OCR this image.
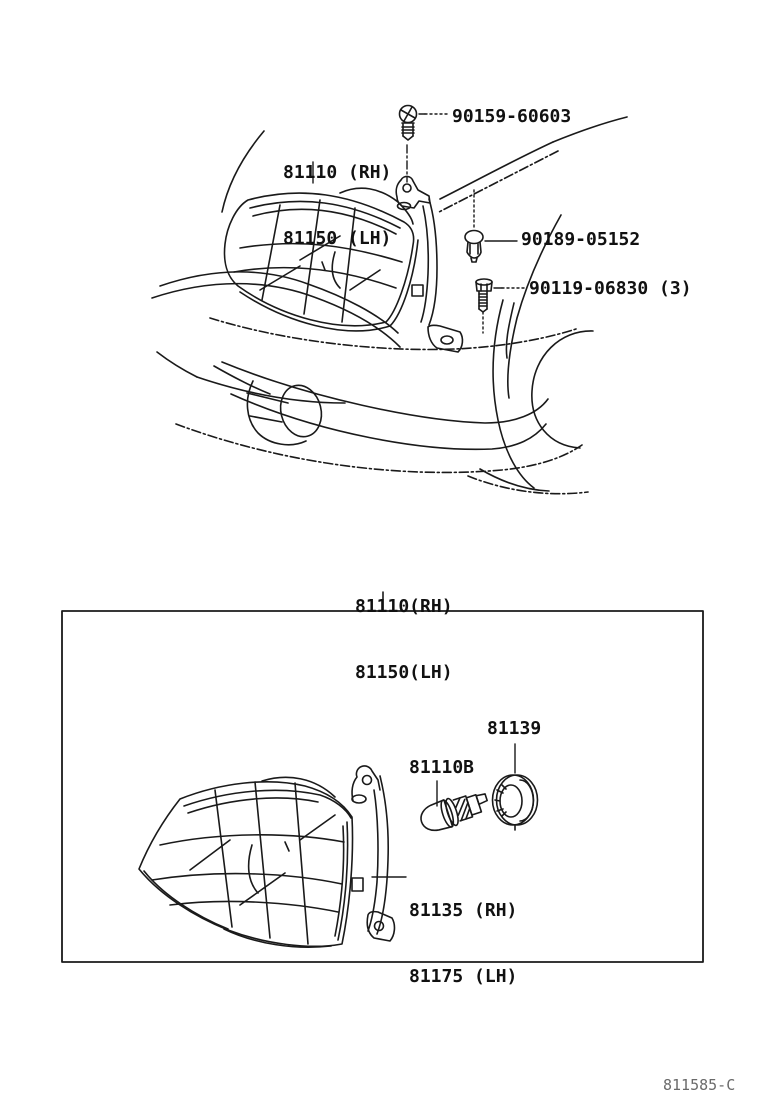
81110 (RH)

81150 (LH)

90159-60603
90189-05152
90119-06830 (3)

81110(RH)

81150(LH)

81139
81110B

81135 (RH)

81175 (LH)

811585-C
